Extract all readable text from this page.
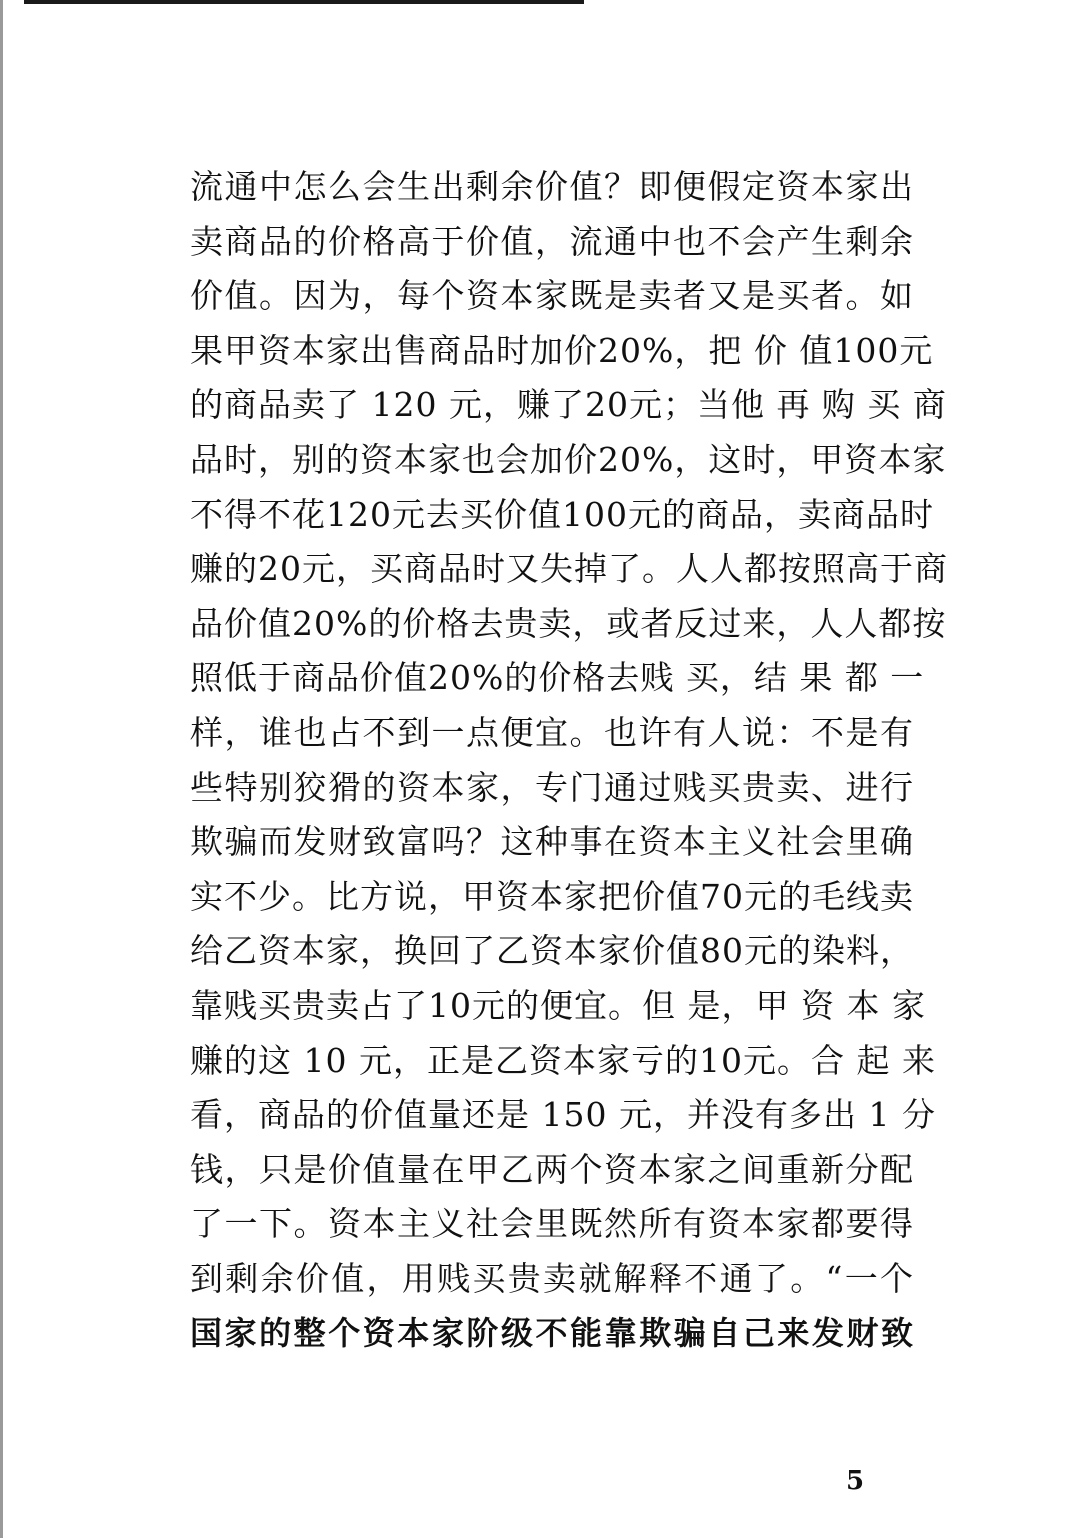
流通中怎么会生出剩余价值？即便假定资本家出
卖商品的价格高于价值，流通中也不会产生剩余
价值。因为，每个资本家既是卖者又是买者。如
果甲资本家出售商品时加价20%，把 价 值100元
的商品卖了 120 元，赚了20元；当他 再 购 买 商
品时，别的资本家也会加价20%，这时，甲资本家
不得不花120元去买价值100元的商品，卖商品时
赚的20元，买商品时又失掉了。人人都按照高于商
品价值20%的价格去贵卖，或者反过来，人人都按
照低于商品价值20%的价格去贱 买，结 果 都 一
样，谁也占不到一点便宜。也许有人说：不是有
些特别狡猾的资本家，专门通过贱买贵卖、进行
欺骗而发财致富吗？这种事在资本主义社会里确
实不少。比方说，甲资本家把价值70元的毛线卖
给乙资本家，换回了乙资本家价值80元的染料，
靠贱买贵卖占了10元的便宜。但 是，甲 资 本 家
赚的这 10 元，正是乙资本家亏的10元。合 起 来
看，商品的价值量还是 150 元，并没有多出 1 分
钱，只是价值量在甲乙两个资本家之间重新分配
了一下。资本主义社会里既然所有资本家都要得
到剩余价值，用贱买贵卖就解释不通了。“一个
国家的整个资本家阶级不能靠欺骗自己来发财致
5
